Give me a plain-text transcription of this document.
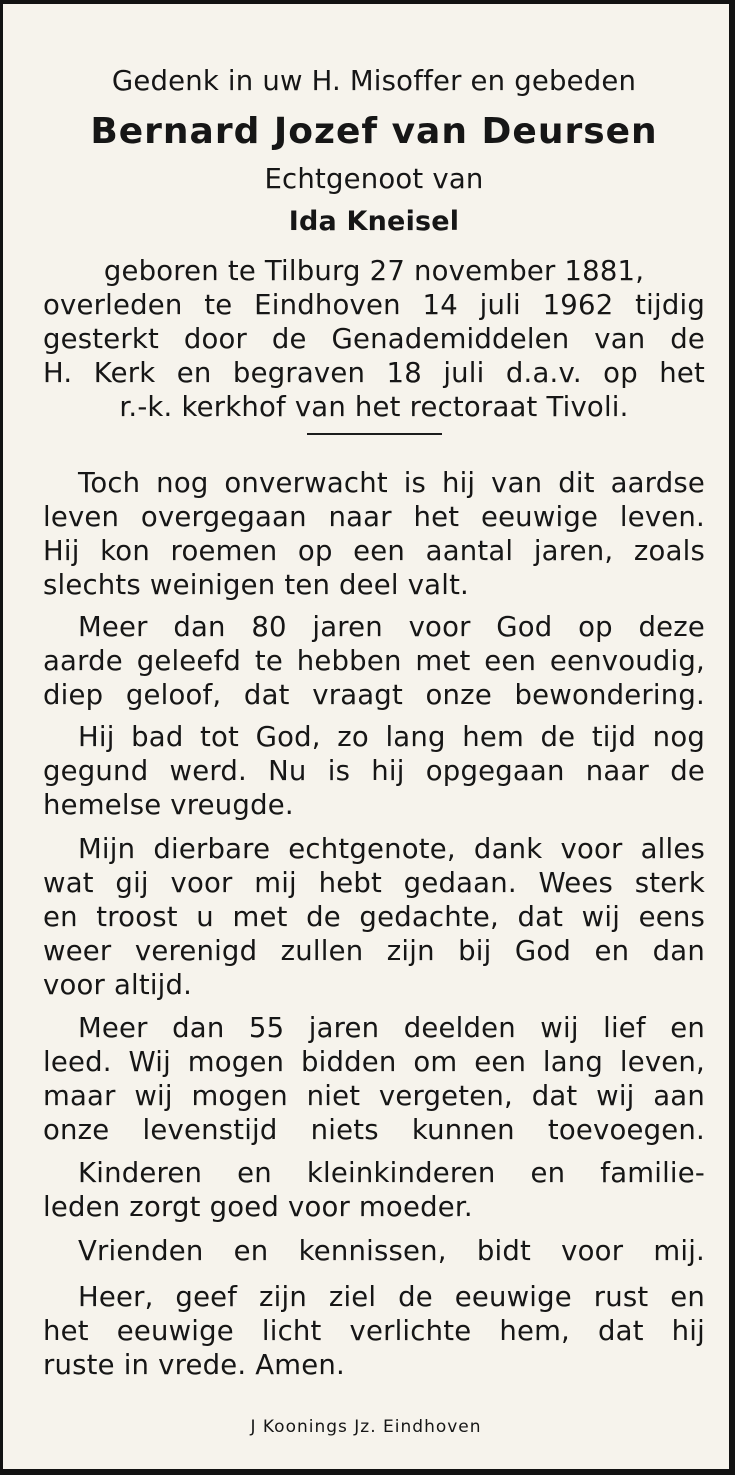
Gedenk in uw H. Misoffer en gebeden
Bernard Jozef van Deursen
Echtgenoot van
Ida Kneisel
geboren te Tilburg 27 november 1881,
overleden te Eindhoven 14 juli 1962 tijdig
gesterkt door de Genademiddelen van de
H. Kerk en begraven 18 juli d.a.v. op het
r.-k. kerkhof van het rectoraat Tivoli.
Toch nog onverwacht is hij van dit aardse
leven overgegaan naar het eeuwige leven.
Hij kon roemen op een aantal jaren, zoals
slechts weinigen ten deel valt.
Meer dan 80 jaren voor God op deze
aarde geleefd te hebben met een eenvoudig,
diep geloof, dat vraagt onze bewondering.
Hij bad tot God, zo lang hem de tijd nog
gegund werd. Nu is hij opgegaan naar de
hemelse vreugde.
Mijn dierbare echtgenote, dank voor alles
wat gij voor mij hebt gedaan. Wees sterk
en troost u met de gedachte, dat wij eens
weer verenigd zullen zijn bij God en dan
voor altijd.
Meer dan 55 jaren deelden wij lief en
leed. Wij mogen bidden om een lang leven,
maar wij mogen niet vergeten, dat wij aan
onze levenstijd niets kunnen toevoegen.
Kinderen en kleinkinderen en familie-
leden zorgt goed voor moeder.
Vrienden en kennissen, bidt voor mij.
Heer, geef zijn ziel de eeuwige rust en
het eeuwige licht verlichte hem, dat hij
ruste in vrede. Amen.
J Koonings Jz. Eindhoven
